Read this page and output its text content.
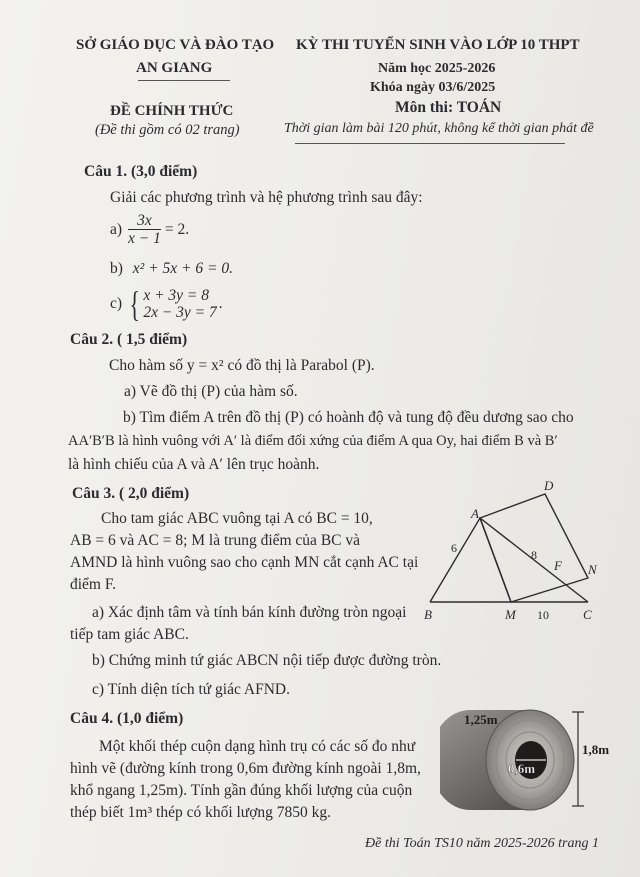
SỞ GIÁO DỤC VÀ ĐÀO TẠO
AN GIANG
KỲ THI TUYỂN SINH VÀO LỚP 10 THPT
Năm học 2025-2026
Khóa ngày 03/6/2025
ĐỀ CHÍNH THỨC
(Đề thi gồm có 02 trang)
Môn thi: TOÁN
Thời gian làm bài 120 phút, không kể thời gian phát đề
Câu 1. (3,0 điểm)
Giải các phương trình và hệ phương trình sau đây:
$a) \frac{3x}{x - 1} = 2$.
b) x² + 5x + 6 = 0.
c) { x + 3y = 8
2x − 3y = 7
.
Câu 2. ( 1,5 điểm)
Cho hàm số y = x² có đồ thị là Parabol (P).
a) Vẽ đồ thị (P) của hàm số.
b) Tìm điểm A trên đồ thị (P) có hoành độ và tung độ đều dương sao cho
AA′B′B là hình vuông với A′ là điểm đối xứng của điểm A qua Oy, hai điểm B và B′
là hình chiếu của A và A′ lên trục hoành.
Câu 3. ( 2,0 điểm)
Cho tam giác ABC vuông tại A có BC = 10,
AB = 6 và AC = 8; M là trung điểm của BC và
AMND là hình vuông sao cho cạnh MN cắt cạnh AC tại
điểm F.
a) Xác định tâm và tính bán kính đường tròn ngoại
tiếp tam giác ABC.
b) Chứng minh tứ giác ABCN nội tiếp được đường tròn.
c) Tính diện tích tứ giác AFND.
A
B	C
D
M
N
F
6	8
10
Câu 4. (1,0 điểm)
Một khối thép cuộn dạng hình trụ có các số đo như
hình vẽ (đường kính trong 0,6m đường kính ngoài 1,8m,
khổ ngang 1,25m). Tính gần đúng khối lượng của cuộn
thép biết 1m³ thép có khối lượng 7850 kg.
1,25m
0,6m
1,8m
Đề thi Toán TS10 năm 2025-2026 trang 1
